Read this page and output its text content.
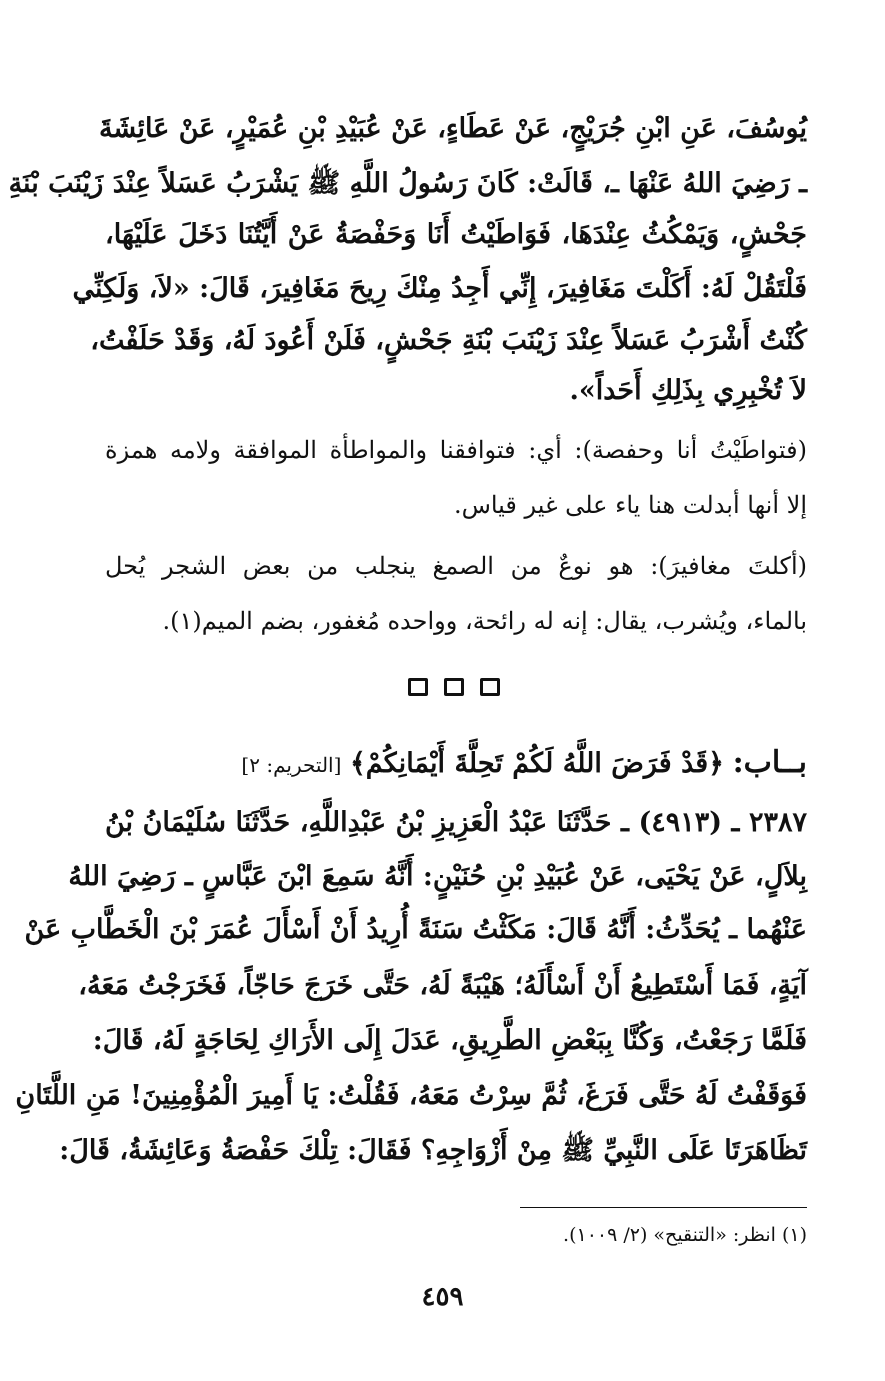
يُوسُفَ، عَنِ ابْنِ جُرَيْجٍ، عَنْ عَطَاءٍ، عَنْ عُبَيْدِ بْنِ عُمَيْرٍ، عَنْ عَائِشَةَ
ـ رَضِيَ اللهُ عَنْهَا ـ، قَالَتْ: كَانَ رَسُولُ اللَّهِ ﷺ يَشْرَبُ عَسَلاً عِنْدَ زَيْنَبَ بْنَةِ
جَحْشٍ، وَيَمْكُثُ عِنْدَهَا، فَوَاطَيْتُ أَنَا وَحَفْصَةُ عَنْ أَيَّتُنَا دَخَلَ عَلَيْهَا،
فَلْتَقُلْ لَهُ: أَكَلْتَ مَغَافِيرَ، إِنِّي أَجِدُ مِنْكَ رِيحَ مَغَافِيرَ، قَالَ: «لاَ، وَلَكِنِّي
كُنْتُ أَشْرَبُ عَسَلاً عِنْدَ زَيْنَبَ بْنَةِ جَحْشٍ، فَلَنْ أَعُودَ لَهُ، وَقَدْ حَلَفْتُ،
لاَ تُخْبِرِي بِذَلِكِ أَحَداً».
(فتواطَيْتُ أنا وحفصة): أي: فتوافقنا والمواطأة الموافقة ولامه همزة
إلا أنها أبدلت هنا ياء على غير قياس.
(أكلتَ مغافيرَ): هو نوعٌ من الصمغ ينجلب من بعض الشجر يُحل
بالماء، ويُشرب، يقال: إنه له رائحة، وواحده مُغفور، بضم الميم(١).
بــاب: ﴿قَدْ فَرَضَ اللَّهُ لَكُمْ تَحِلَّةَ أَيْمَانِكُمْ﴾ [التحريم: ٢]
٢٣٨٧ ـ (٤٩١٣) ـ حَدَّثَنَا عَبْدُ الْعَزِيزِ بْنُ عَبْدِاللَّهِ، حَدَّثَنَا سُلَيْمَانُ بْنُ
بِلاَلٍ، عَنْ يَحْيَى، عَنْ عُبَيْدِ بْنِ حُنَيْنٍ: أَنَّهُ سَمِعَ ابْنَ عَبَّاسٍ ـ رَضِيَ اللهُ
عَنْهُما ـ يُحَدِّثُ: أَنَّهُ قَالَ: مَكَثْتُ سَنَةً أُرِيدُ أَنْ أَسْأَلَ عُمَرَ بْنَ الْخَطَّابِ عَنْ
آيَةٍ، فَمَا أَسْتَطِيعُ أَنْ أَسْأَلَهُ؛ هَيْبَةً لَهُ، حَتَّى خَرَجَ حَاجّاً، فَخَرَجْتُ مَعَهُ،
فَلَمَّا رَجَعْتُ، وَكُنَّا بِبَعْضِ الطَّرِيقِ، عَدَلَ إِلَى الأَرَاكِ لِحَاجَةٍ لَهُ، قَالَ:
فَوَقَفْتُ لَهُ حَتَّى فَرَغَ، ثُمَّ سِرْتُ مَعَهُ، فَقُلْتُ: يَا أَمِيرَ الْمُؤْمِنِينَ! مَنِ اللَّتَانِ
تَظَاهَرَتَا عَلَى النَّبِيِّ ﷺ مِنْ أَزْوَاجِهِ؟ فَقَالَ: تِلْكَ حَفْصَةُ وَعَائِشَةُ، قَالَ:
(١) انظر: «التنقيح» (٢/ ١٠٠٩).
٤٥٩
